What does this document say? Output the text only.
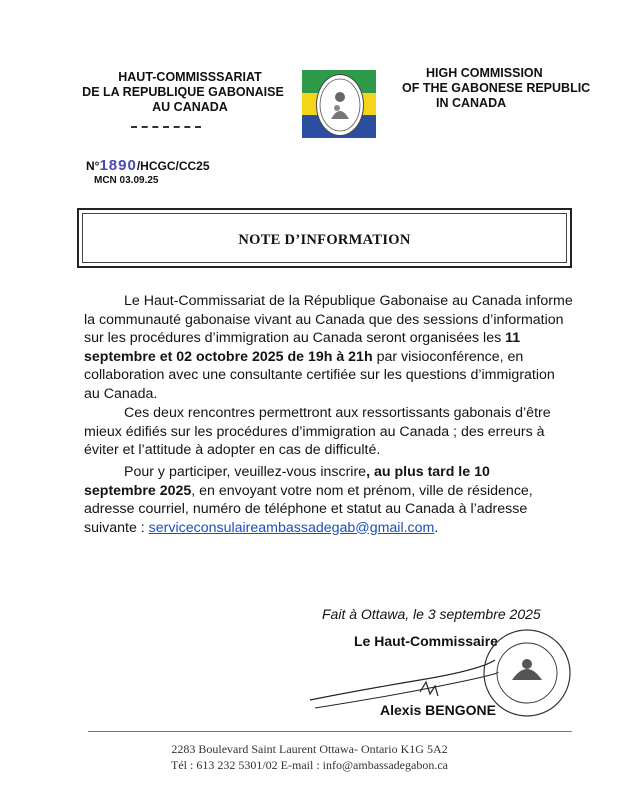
HAUT-COMMISSSARIAT
DE LA REPUBLIQUE GABONAISE
AU CANADA
HIGH COMMISSION
OF THE GABONESE REPUBLIC
IN CANADA
N°1890/HCGC/CC25
MCN 03.09.25
NOTE D’INFORMATION
Le Haut-Commissariat de la République Gabonaise au Canada informe
la communauté gabonaise vivant au Canada que des sessions d’information
sur les procédures d’immigration au Canada seront organisées les 11
septembre et 02 octobre 2025 de 19h à 21h par visioconférence, en
collaboration avec une consultante certifiée sur les questions d’immigration
au Canada.
Ces deux rencontres permettront aux ressortissants gabonais d’être
mieux édifiés sur les procédures d’immigration au Canada ; des erreurs à
éviter et l’attitude à adopter en cas de difficulté.
Pour y participer, veuillez-vous inscrire, au plus tard le 10
septembre 2025, en envoyant votre nom et prénom, ville de résidence,
adresse courriel, numéro de téléphone et statut au Canada à l’adresse
suivante : serviceconsulaireambassadegab@gmail.com.
Fait à Ottawa, le 3 septembre 2025
Le Haut-Commissaire
Alexis BENGONE
2283 Boulevard Saint Laurent Ottawa- Ontario K1G 5A2
Tél : 613 232 5301/02 E-mail : info@ambassadegabon.ca
